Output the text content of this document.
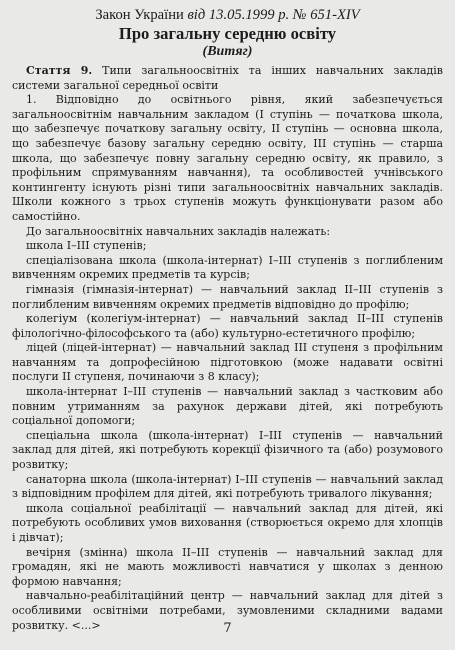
Закон України від 13.05.1999 р. № 651-XIV

Про загальну середню освіту

(Витяг)

Стаття 9. Типи загальноосвітніх та інших навчальних закладів системи загальної середньої освіти

1. Відповідно до освітнього рівня, який забезпечується загальноосвітнім навчальним закладом (I ступінь — початкова школа, що забезпечує початкову загальну освіту, II ступінь — основна школа, що забезпечує базову загальну середню освіту, III ступінь — старша школа, що забезпечує повну загальну середню освіту, як правило, з профільним спрямуванням навчання), та особливостей учнівського контингенту існують різні типи загальноосвітніх навчальних закладів. Школи кожного з трьох ступенів можуть функціонувати разом або самостійно.

До загальноосвітніх навчальних закладів належать:

школа I–III ступенів;

спеціалізована школа (школа-інтернат) I–III ступенів з поглибленим вивченням окремих предметів та курсів;

гімназія (гімназія-інтернат) — навчальний заклад II–III ступенів з поглибленим вивченням окремих предметів відповідно до профілю;

колегіум (колегіум-інтернат) — навчальний заклад II–III ступенів філологічно-філософського та (або) культурно-естетичного профілю;

ліцей (ліцей-інтернат) — навчальний заклад III ступеня з профільним навчанням та допрофесійною підготовкою (може надавати освітні послуги II ступеня, починаючи з 8 класу);

школа-інтернат I–III ступенів — навчальний заклад з частковим або повним утриманням за рахунок держави дітей, які потребують соціальної допомоги;

спеціальна школа (школа-інтернат) I–III ступенів — навчальний заклад для дітей, які потребують корекції фізичного та (або) розумового розвитку;

санаторна школа (школа-інтернат) I–III ступенів — навчальний заклад з відповідним профілем для дітей, які потребують тривалого лікування;

школа соціальної реабілітації — навчальний заклад для дітей, які потребують особливих умов виховання (створюється окремо для хлопців і дівчат);

вечірня (змінна) школа II–III ступенів — навчальний заклад для громадян, які не мають можливості навчатися у школах з денною формою навчання;

навчально-реабілітаційний центр — навчальний заклад для дітей з особливими освітніми потребами, зумовленими складними вадами розвитку. <...>	7
